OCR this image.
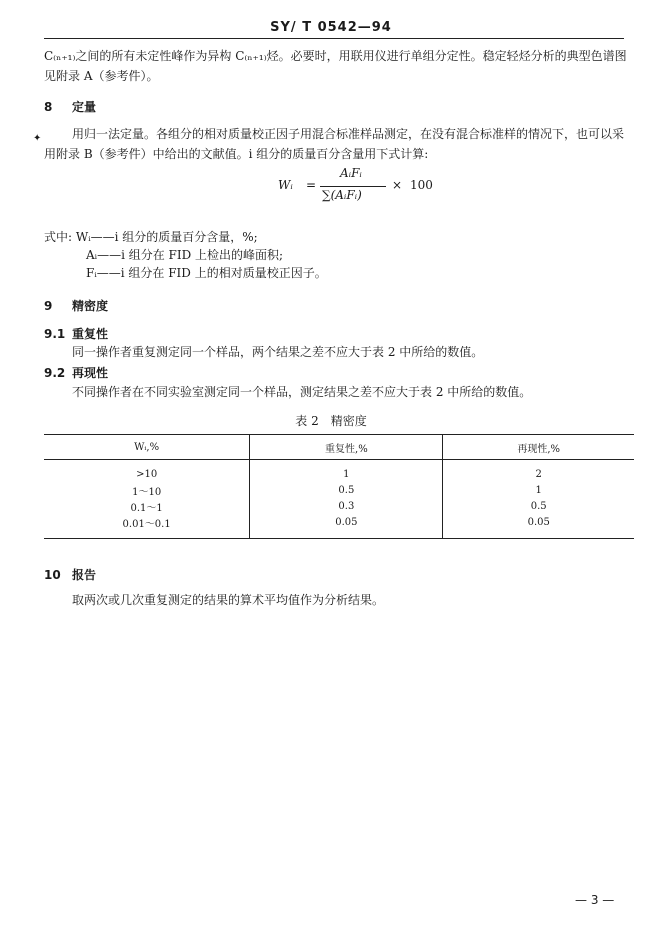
SY/ T 0542—94
C₍ₙ₊₁₎之间的所有未定性峰作为异构 C₍ₙ₊₁₎烃。必要时，用联用仪进行单组分定性。稳定轻烃分析的典型色谱图见附录 A（参考件）。
8 定量
✦	用归一法定量。各组分的相对质量校正因子用混合标准样品测定，在没有混合标准样的情况下，也可以采用附录 B（参考件）中给出的文献值。i 组分的质量百分含量用下式计算:
Wᵢ =
AᵢFᵢ
∑(AᵢFᵢ)
× 100
式中: Wᵢ——i 组分的质量百分含量，%;
Aᵢ——i 组分在 FID 上检出的峰面积;
Fᵢ——i 组分在 FID 上的相对质量校正因子。
9 精密度
9.1 重复性
同一操作者重复测定同一个样品，两个结果之差不应大于表 2 中所给的数值。
9.2 再现性
不同操作者在不同实验室测定同一个样品，测定结果之差不应大于表 2 中所给的数值。
表 2 精密度
Wᵢ,%	重复性,%	再现性,%
>10	1	2
1～10	0.5	1
0.1～1	0.3	0.5
0.01～0.1	0.05	0.05
10 报告
取两次或几次重复测定的结果的算术平均值作为分析结果。
— 3 —
